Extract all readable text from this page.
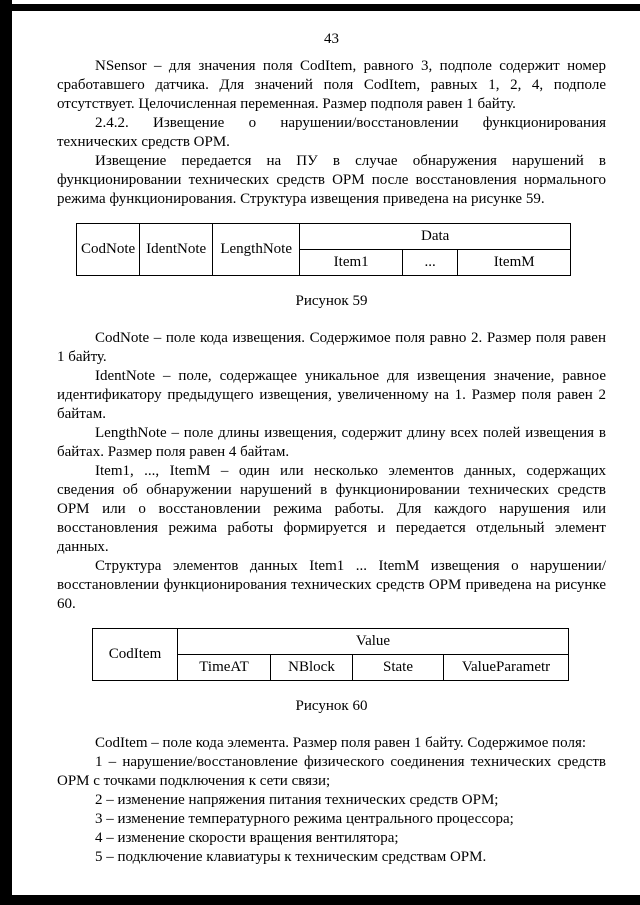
43

NSensor – для значения поля CodItem, равного 3, подполе содержит номер сработавшего датчика. Для значений поля CodItem, равных 1, 2, 4, подполе отсутствует. Целочисленная переменная. Размер подполя равен 1 байту.

2.4.2. Извещение о нарушении/восстановлении функционирования технических средств ОРМ.

Извещение передается на ПУ в случае обнаружения нарушений в функционировании технических средств ОРМ после восстановления нормального режима функционирования. Структура извещения приведена на рисунке 59.

CodNote	IdentNote	LengthNote	Data		
			Item1	...	ItemM

Рисунок 59

CodNote – поле кода извещения. Содержимое поля равно 2. Размер поля равен 1 байту.

IdentNote – поле, содержащее уникальное для извещения значение, равное идентификатору предыдущего извещения, увеличенному на 1. Размер поля равен 2 байтам.

LengthNote – поле длины извещения, содержит длину всех полей извещения в байтах. Размер поля равен 4 байтам.

Item1, ..., ItemM – один или несколько элементов данных, содержащих сведения об обнаружении нарушений в функционировании технических средств ОРМ или о восстановлении режима работы. Для каждого нарушения или восстановления режима работы формируется и передается отдельный элемент данных.

Структура элементов данных Item1 ... ItemM извещения о нарушении/восстановлении функционирования технических средств ОРМ приведена на рисунке 60.

CodItem	Value			
	TimeAT	NBlock	State	ValueParametr

Рисунок 60

CodItem – поле кода элемента. Размер поля равен 1 байту. Содержимое поля:

1 – нарушение/восстановление физического соединения технических средств ОРМ с точками подключения к сети связи;

2 – изменение напряжения питания технических средств ОРМ;

3 – изменение температурного режима центрального процессора;

4 – изменение скорости вращения вентилятора;

5 – подключение клавиатуры к техническим средствам ОРМ.
